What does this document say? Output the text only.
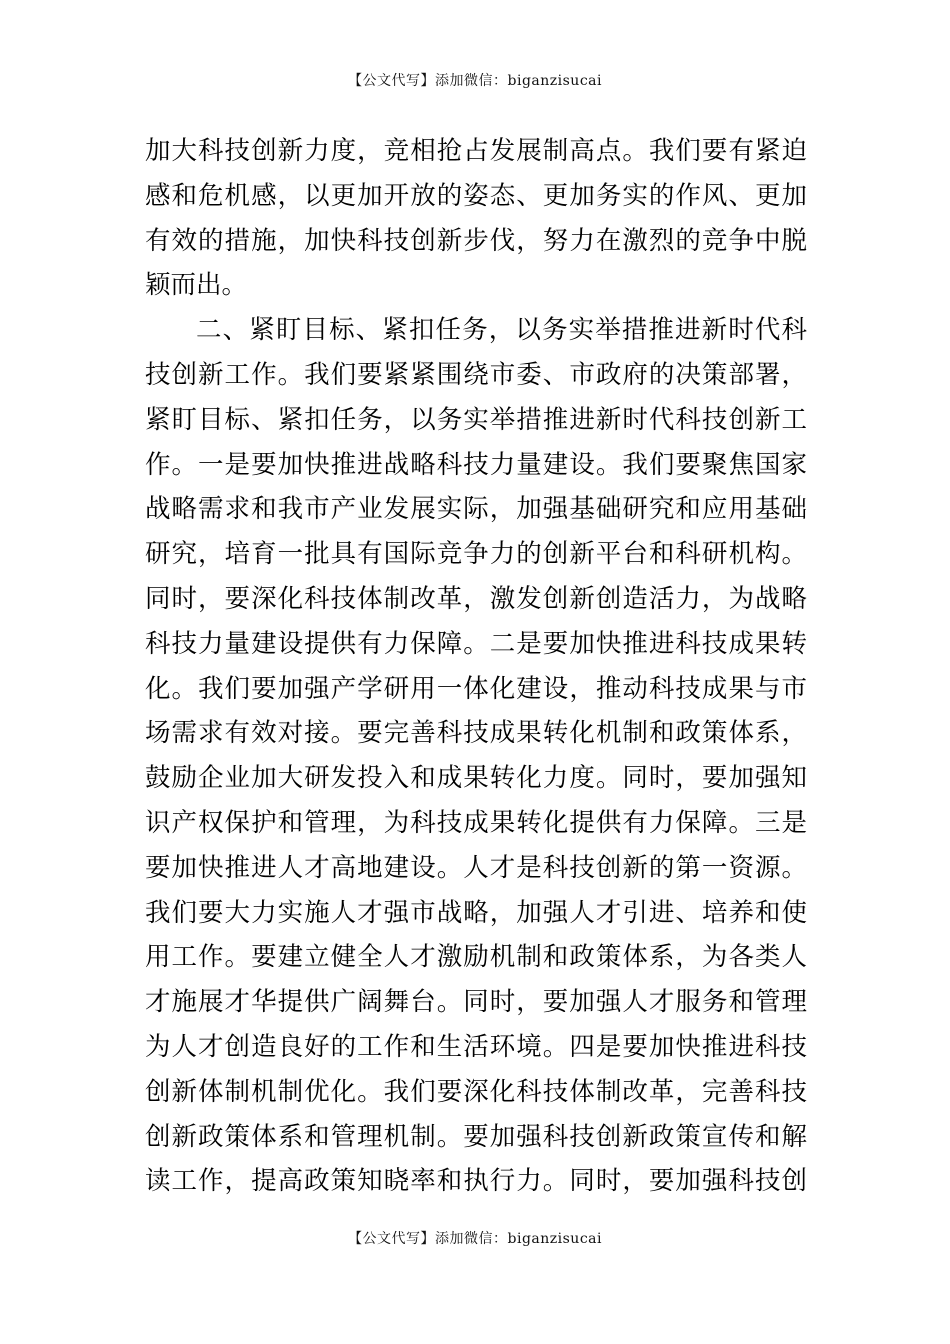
【公文代写】添加微信：biganzisucai
加大科技创新力度，竞相抢占发展制高点。我们要有紧迫
感和危机感，以更加开放的姿态、更加务实的作风、更加
有效的措施，加快科技创新步伐，努力在激烈的竞争中脱
颖而出。
二、紧盯目标、紧扣任务，以务实举措推进新时代科
技创新工作。我们要紧紧围绕市委、市政府的决策部署，
紧盯目标、紧扣任务，以务实举措推进新时代科技创新工
作。一是要加快推进战略科技力量建设。我们要聚焦国家
战略需求和我市产业发展实际，加强基础研究和应用基础
研究，培育一批具有国际竞争力的创新平台和科研机构。
同时，要深化科技体制改革，激发创新创造活力，为战略
科技力量建设提供有力保障。二是要加快推进科技成果转
化。我们要加强产学研用一体化建设，推动科技成果与市
场需求有效对接。要完善科技成果转化机制和政策体系，
鼓励企业加大研发投入和成果转化力度。同时，要加强知
识产权保护和管理，为科技成果转化提供有力保障。三是
要加快推进人才高地建设。人才是科技创新的第一资源。
我们要大力实施人才强市战略，加强人才引进、培养和使
用工作。要建立健全人才激励机制和政策体系，为各类人
才施展才华提供广阔舞台。同时，要加强人才服务和管理
为人才创造良好的工作和生活环境。四是要加快推进科技
创新体制机制优化。我们要深化科技体制改革，完善科技
创新政策体系和管理机制。要加强科技创新政策宣传和解
读工作，提高政策知晓率和执行力。同时，要加强科技创
【公文代写】添加微信：biganzisucai
